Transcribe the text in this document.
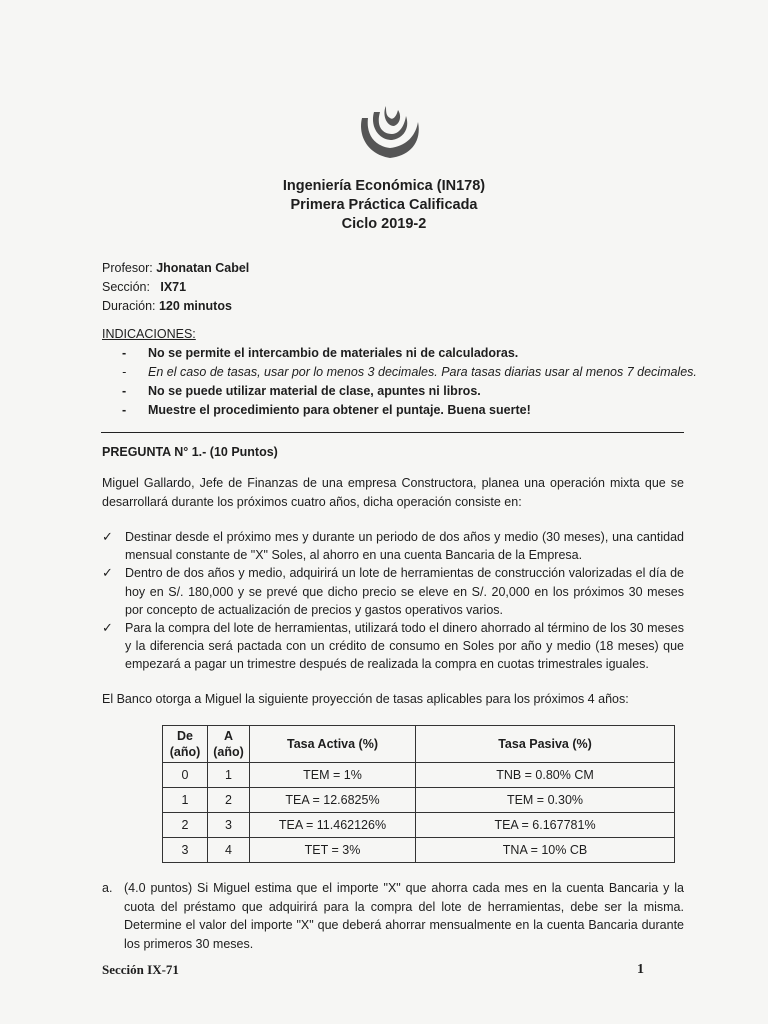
Ingeniería Económica (IN178)
Primera Práctica Calificada
Ciclo 2019-2
Profesor: Jhonatan Cabel
Sección: IX71
Duración: 120 minutos
INDICACIONES:
- No se permite el intercambio de materiales ni de calculadoras.
- En el caso de tasas, usar por lo menos 3 decimales. Para tasas diarias usar al menos 7 decimales.
- No se puede utilizar material de clase, apuntes ni libros.
- Muestre el procedimiento para obtener el puntaje. Buena suerte!
PREGUNTA N° 1.- (10 Puntos)
Miguel Gallardo, Jefe de Finanzas de una empresa Constructora, planea una operación mixta que se desarrollará durante los próximos cuatro años, dicha operación consiste en:
✓ Destinar desde el próximo mes y durante un periodo de dos años y medio (30 meses), una cantidad mensual constante de "X" Soles, al ahorro en una cuenta Bancaria de la Empresa.
✓ Dentro de dos años y medio, adquirirá un lote de herramientas de construcción valorizadas el día de hoy en S/. 180,000 y se prevé que dicho precio se eleve en S/. 20,000 en los próximos 30 meses por concepto de actualización de precios y gastos operativos varios.
✓ Para la compra del lote de herramientas, utilizará todo el dinero ahorrado al término de los 30 meses y la diferencia será pactada con un crédito de consumo en Soles por año y medio (18 meses) que empezará a pagar un trimestre después de realizada la compra en cuotas trimestrales iguales.
El Banco otorga a Miguel la siguiente proyección de tasas aplicables para los próximos 4 años:
De (año)	A (año)	Tasa Activa (%)	Tasa Pasiva (%)
0	1	TEM = 1%	TNB = 0.80% CM
1	2	TEA = 12.6825%	TEM = 0.30%
2	3	TEA = 11.462126%	TEA = 6.167781%
3	4	TET = 3%	TNA = 10% CB
a. (4.0 puntos) Si Miguel estima que el importe "X" que ahorra cada mes en la cuenta Bancaria y la cuota del préstamo que adquirirá para la compra del lote de herramientas, debe ser la misma. Determine el valor del importe "X" que deberá ahorrar mensualmente en la cuenta Bancaria durante los primeros 30 meses.
Sección IX-71	1
